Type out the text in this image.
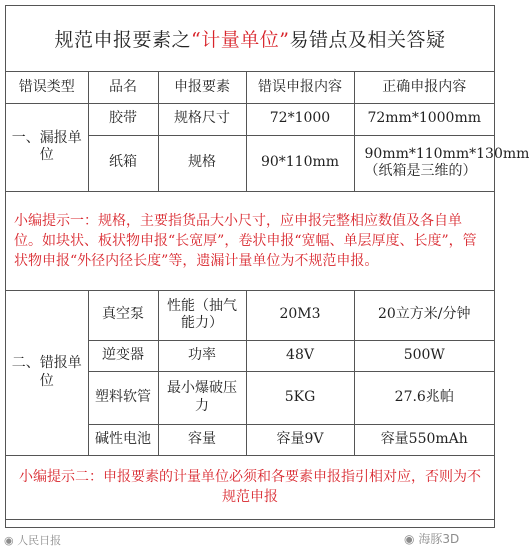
规范申报要素之 “计量单位” 易错点及相关答疑
错误类型	品名	申报要素	错误申报内容	正确申报内容
一、漏报单位	胶带	规格尺寸	72*1000	72mm*1000mm
	纸箱	规格	90*110mm	90mm*110mm*130mm（纸箱是三维的）
小编提示一：规格，主要指货品大小尺寸，应申报完整相应数值及各自单位。如块状、板状物申报“长宽厚”，卷状申报“宽幅、单层厚度、长度”，管状物申报“外径内径长度”等，遗漏计量单位为不规范申报。				
二、错报单位	真空泵	性能（抽气能力）	20M3	20立方米/分钟
	逆变器	功率	48V	500W
	塑料软管	最小爆破压力	5KG	27.6兆帕
	碱性电池	容量	容量9V	容量550mAh
小编提示二：申报要素的计量单位必须和各要素申报指引相对应，否则为不规范申报				
◉ 人民日报	◉ 海豚3D
